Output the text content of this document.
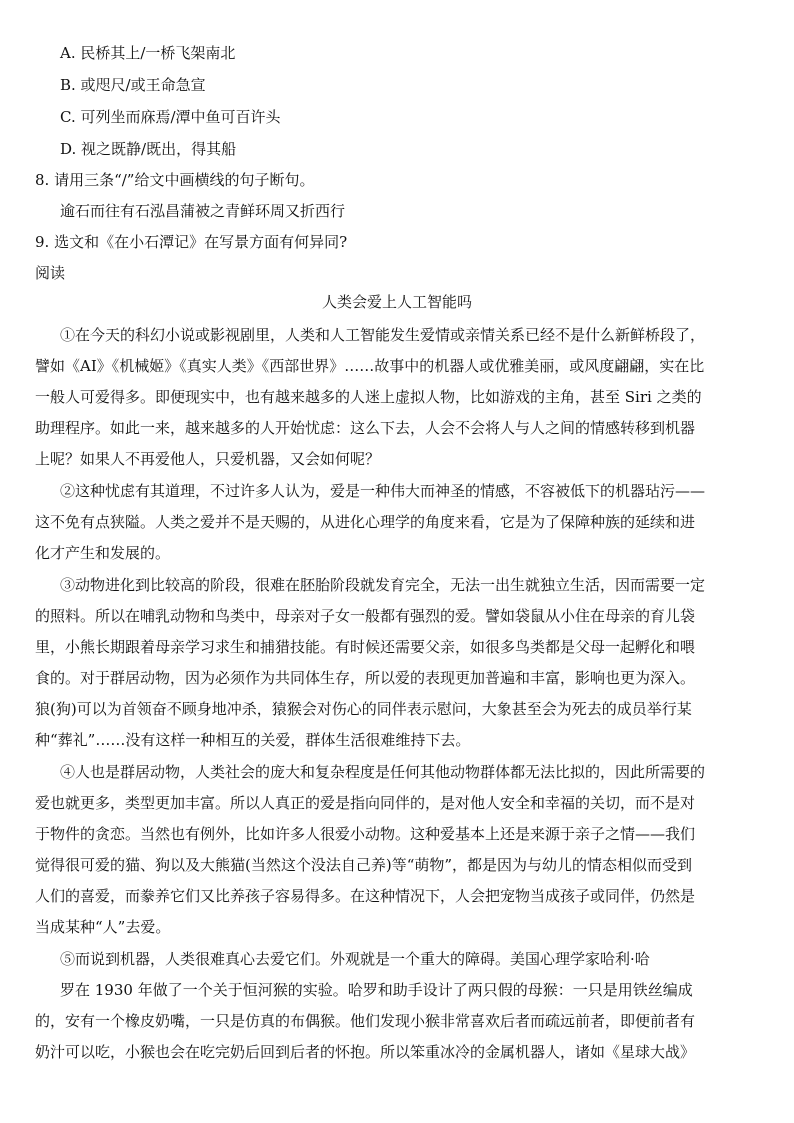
A. 民桥其上/一桥飞架南北
B. 或咫尺/或王命急宣
C. 可列坐而庥焉/潭中鱼可百许头
D. 视之既静/既出，得其船
8. 请用三条“/”给文中画横线的句子断句。
逾石而往有石泓昌蒲被之青鲜环周又折西行
9. 选文和《在小石潭记》在写景方面有何异同?
阅读
人类会爱上人工智能吗
①在今天的科幻小说或影视剧里，人类和人工智能发生爱情或亲情关系已经不是什么新鲜桥段了，
譬如《AI》《机械姬》《真实人类》《西部世界》……故事中的机器人或优雅美丽，或风度翩翩，实在比
一般人可爱得多。即便现实中，也有越来越多的人迷上虚拟人物，比如游戏的主角，甚至 Siri 之类的
助理程序。如此一来，越来越多的人开始忧虑：这么下去，人会不会将人与人之间的情感转移到机器
上呢？如果人不再爱他人，只爱机器，又会如何呢？
②这种忧虑有其道理，不过许多人认为，爱是一种伟大而神圣的情感，不容被低下的机器玷污——
这不免有点狭隘。人类之爱并不是天赐的，从进化心理学的角度来看，它是为了保障种族的延续和进
化才产生和发展的。
③动物进化到比较高的阶段，很难在胚胎阶段就发育完全，无法一出生就独立生活，因而需要一定
的照料。所以在哺乳动物和鸟类中，母亲对子女一般都有强烈的爱。譬如袋鼠从小住在母亲的育儿袋
里，小熊长期跟着母亲学习求生和捕猎技能。有时候还需要父亲，如很多鸟类都是父母一起孵化和喂
食的。对于群居动物，因为必须作为共同体生存，所以爱的表现更加普遍和丰富，影响也更为深入。
狼(狗)可以为首领奋不顾身地冲杀，猿猴会对伤心的同伴表示慰问，大象甚至会为死去的成员举行某
种“葬礼”……没有这样一种相互的关爱，群体生活很难维持下去。
④人也是群居动物，人类社会的庞大和复杂程度是任何其他动物群体都无法比拟的，因此所需要的
爱也就更多，类型更加丰富。所以人真正的爱是指向同伴的，是对他人安全和幸福的关切，而不是对
于物件的贪恋。当然也有例外，比如许多人很爱小动物。这种爱基本上还是来源于亲子之情——我们
觉得很可爱的猫、狗以及大熊猫(当然这个没法自己养)等“萌物”，都是因为与幼儿的情态相似而受到
人们的喜爱，而豢养它们又比养孩子容易得多。在这种情况下，人会把宠物当成孩子或同伴，仍然是
当成某种“人”去爱。
⑤而说到机器，人类很难真心去爱它们。外观就是一个重大的障碍。美国心理学家哈利·哈
罗在 1930 年做了一个关于恒河猴的实验。哈罗和助手设计了两只假的母猴：一只是用铁丝编成
的，安有一个橡皮奶嘴，一只是仿真的布偶猴。他们发现小猴非常喜欢后者而疏远前者，即便前者有
奶汁可以吃，小猴也会在吃完奶后回到后者的怀抱。所以笨重冰冷的金属机器人，诸如《星球大战》
